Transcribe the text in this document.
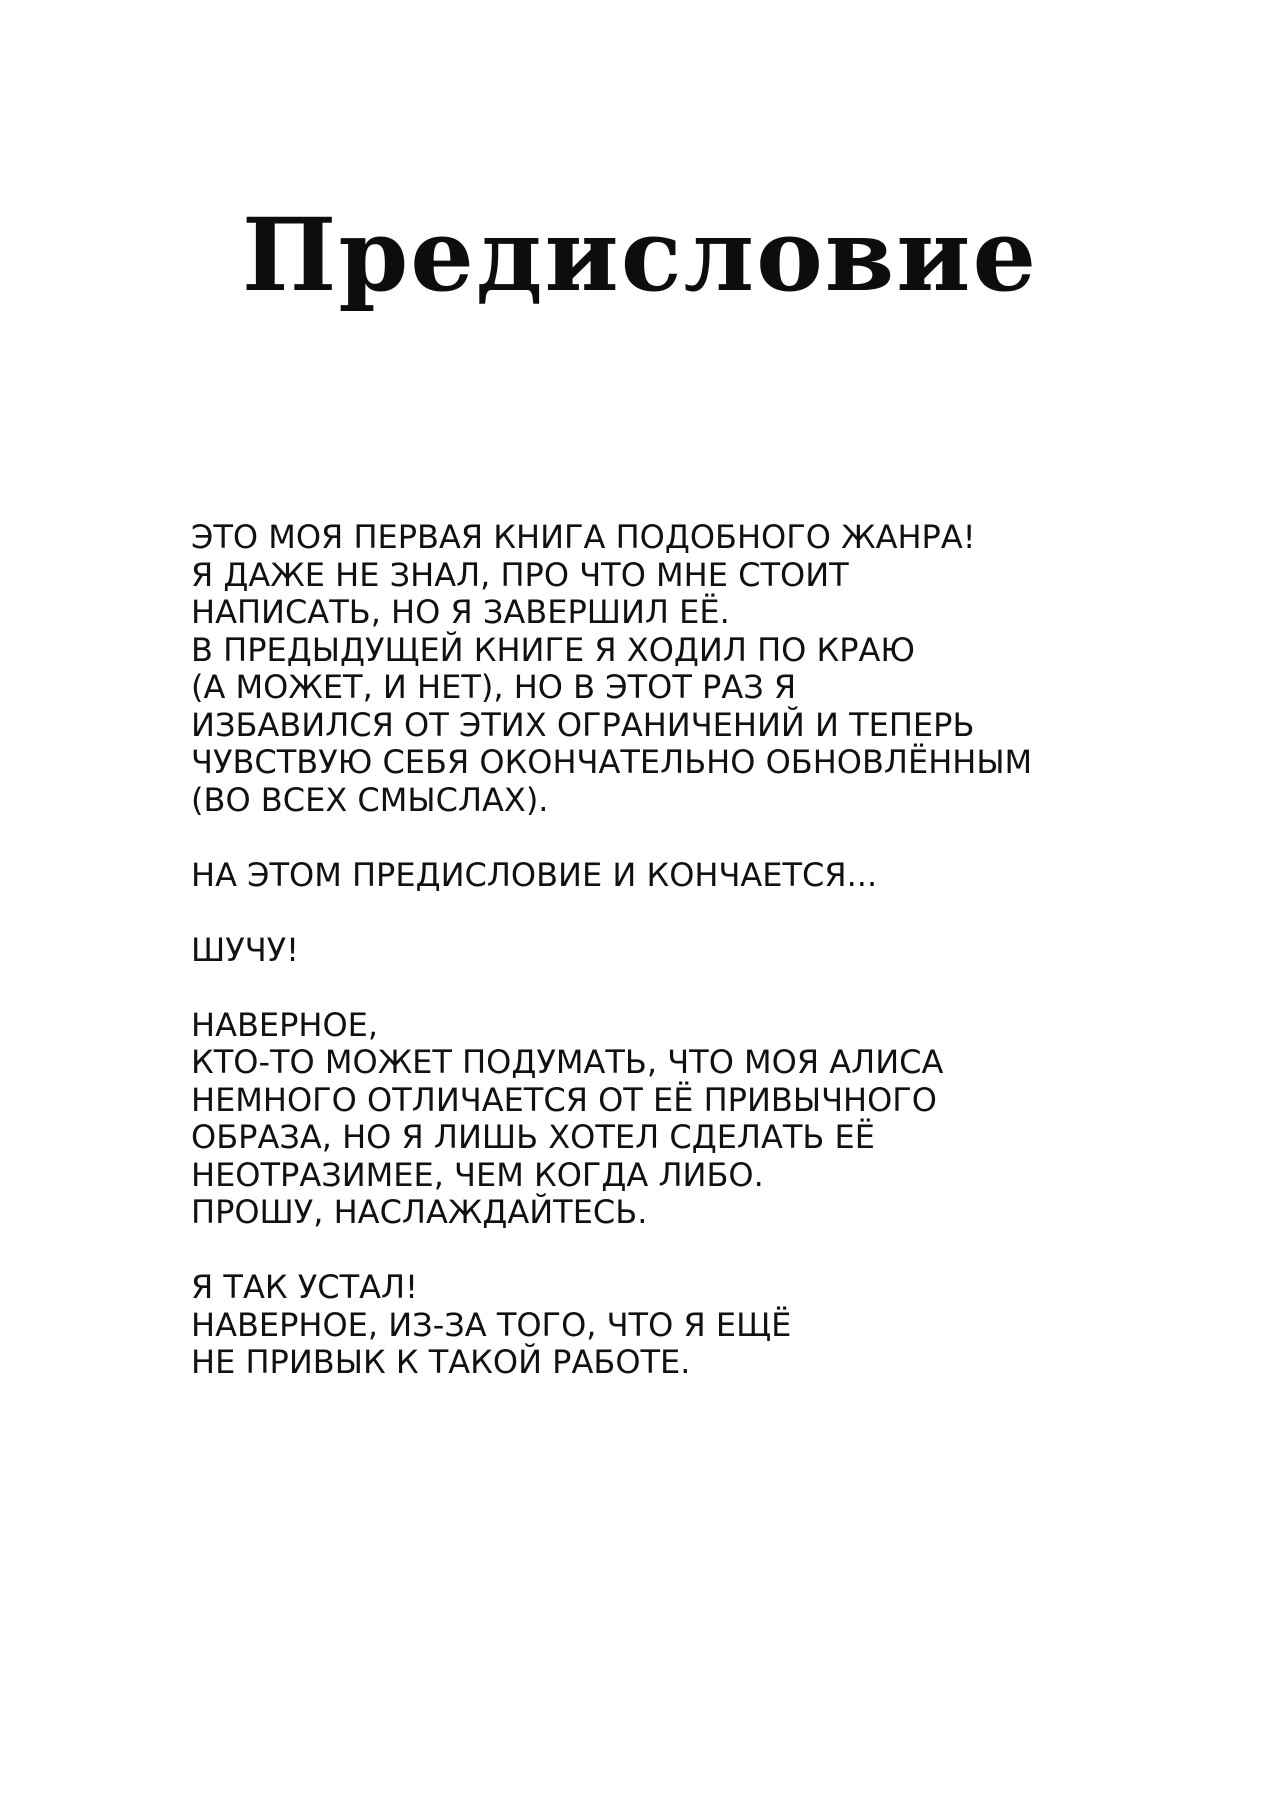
Предисловие
ЭТО МОЯ ПЕРВАЯ КНИГА ПОДОБНОГО ЖАНРА!
Я ДАЖЕ НЕ ЗНАЛ, ПРО ЧТО МНЕ СТОИТ
НАПИСАТЬ, НО Я ЗАВЕРШИЛ ЕЁ.
В ПРЕДЫДУЩЕЙ КНИГЕ Я ХОДИЛ ПО КРАЮ
(А МОЖЕТ, И НЕТ), НО В ЭТОТ РАЗ Я
ИЗБАВИЛСЯ ОТ ЭТИХ ОГРАНИЧЕНИЙ И ТЕПЕРЬ
ЧУВСТВУЮ СЕБЯ ОКОНЧАТЕЛЬНО ОБНОВЛЁННЫМ
(ВО ВСЕХ СМЫСЛАХ).
НА ЭТОМ ПРЕДИСЛОВИЕ И КОНЧАЕТСЯ...
ШУЧУ!
НАВЕРНОЕ,
КТО-ТО МОЖЕТ ПОДУМАТЬ, ЧТО МОЯ АЛИСА
НЕМНОГО ОТЛИЧАЕТСЯ ОТ ЕЁ ПРИВЫЧНОГО
ОБРАЗА, НО Я ЛИШЬ ХОТЕЛ СДЕЛАТЬ ЕЁ
НЕОТРАЗИМЕЕ, ЧЕМ КОГДА ЛИБО.
ПРОШУ, НАСЛАЖДАЙТЕСЬ.
Я ТАК УСТАЛ!
НАВЕРНОЕ, ИЗ-ЗА ТОГО, ЧТО Я ЕЩЁ
НЕ ПРИВЫК К ТАКОЙ РАБОТЕ.
